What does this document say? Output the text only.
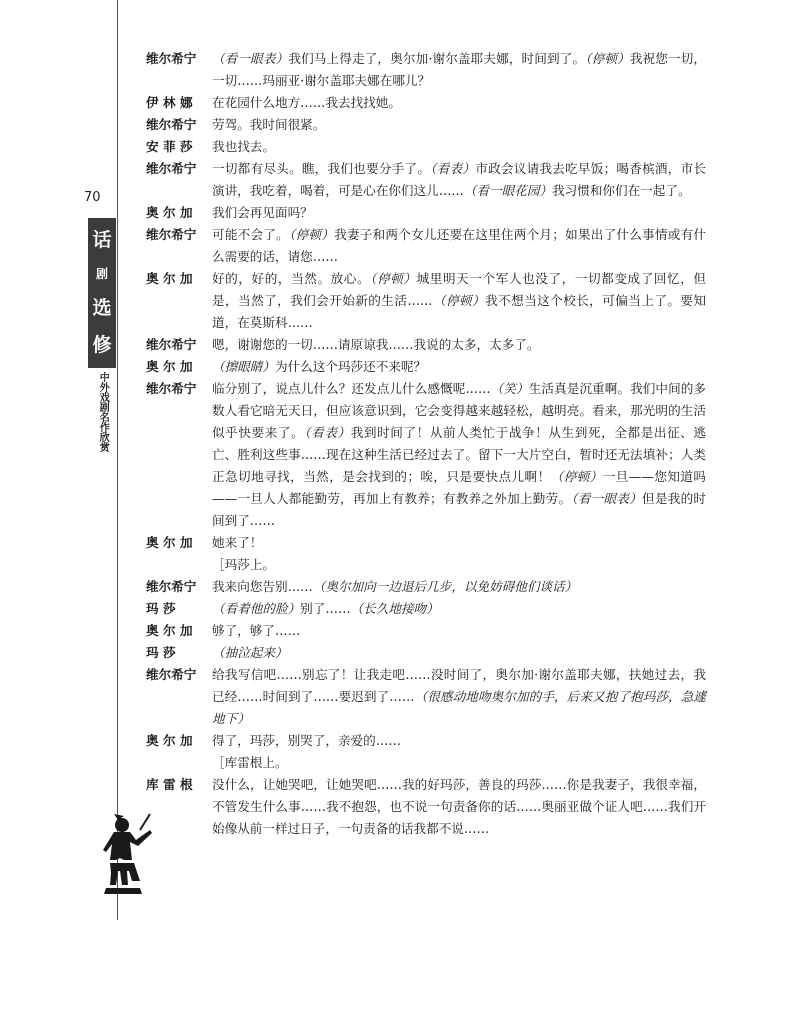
70
话
剧
选
修
中外戏剧名作欣赏
维尔希宁	（看一眼表）我们马上得走了，奥尔加·谢尔盖耶夫娜，时间到了。（停顿）我祝您一切，一切……玛丽亚·谢尔盖耶夫娜在哪儿？
伊 林 娜	在花园什么地方……我去找找她。
维尔希宁	劳驾。我时间很紧。
安 菲 莎	我也找去。
维尔希宁	一切都有尽头。瞧，我们也要分手了。（看表）市政会议请我去吃早饭；喝香槟酒，市长演讲，我吃着，喝着，可是心在你们这儿……（看一眼花园）我习惯和你们在一起了。
奥 尔 加	我们会再见面吗？
维尔希宁	可能不会了。（停顿）我妻子和两个女儿还要在这里住两个月；如果出了什么事情或有什么需要的话，请您……
奥 尔 加	好的，好的，当然。放心。（停顿）城里明天一个军人也没了，一切都变成了回忆，但是，当然了，我们会开始新的生活……（停顿）我不想当这个校长，可偏当上了。要知道，在莫斯科……
维尔希宁	嗯，谢谢您的一切……请原谅我……我说的太多，太多了。
奥 尔 加	（擦眼睛）为什么这个玛莎还不来呢？
维尔希宁	临分别了，说点儿什么？还发点儿什么感慨呢……（笑）生活真是沉重啊。我们中间的多数人看它暗无天日，但应该意识到，它会变得越来越轻松，越明亮。看来，那光明的生活似乎快要来了。（看表）我到时间了！从前人类忙于战争！从生到死，全都是出征、逃亡、胜利这些事……现在这种生活已经过去了。留下一大片空白，暂时还无法填补；人类正急切地寻找，当然，是会找到的；唉，只是要快点儿啊！（停顿）一旦——您知道吗——一旦人人都能勤劳，再加上有教养；有教养之外加上勤劳。（看一眼表）但是我的时间到了……
奥 尔 加	她来了！
［玛莎上。
维尔希宁	我来向您告别……（奥尔加向一边退后几步，以免妨碍他们谈话）
玛 莎	（看着他的脸）别了……（长久地接吻）
奥 尔 加	够了，够了……
玛 莎	（抽泣起来）
维尔希宁	给我写信吧……别忘了！让我走吧……没时间了，奥尔加·谢尔盖耶夫娜，扶她过去，我已经……时间到了……要迟到了……（很感动地吻奥尔加的手，后来又抱了抱玛莎，急遽地下）
奥 尔 加	得了，玛莎，别哭了，亲爱的……
［库雷根上。
库 雷 根	没什么，让她哭吧，让她哭吧……我的好玛莎，善良的玛莎……你是我妻子，我很幸福，不管发生什么事……我不抱怨，也不说一句责备你的话……奥丽亚做个证人吧……我们开始像从前一样过日子，一句责备的话我都不说……
